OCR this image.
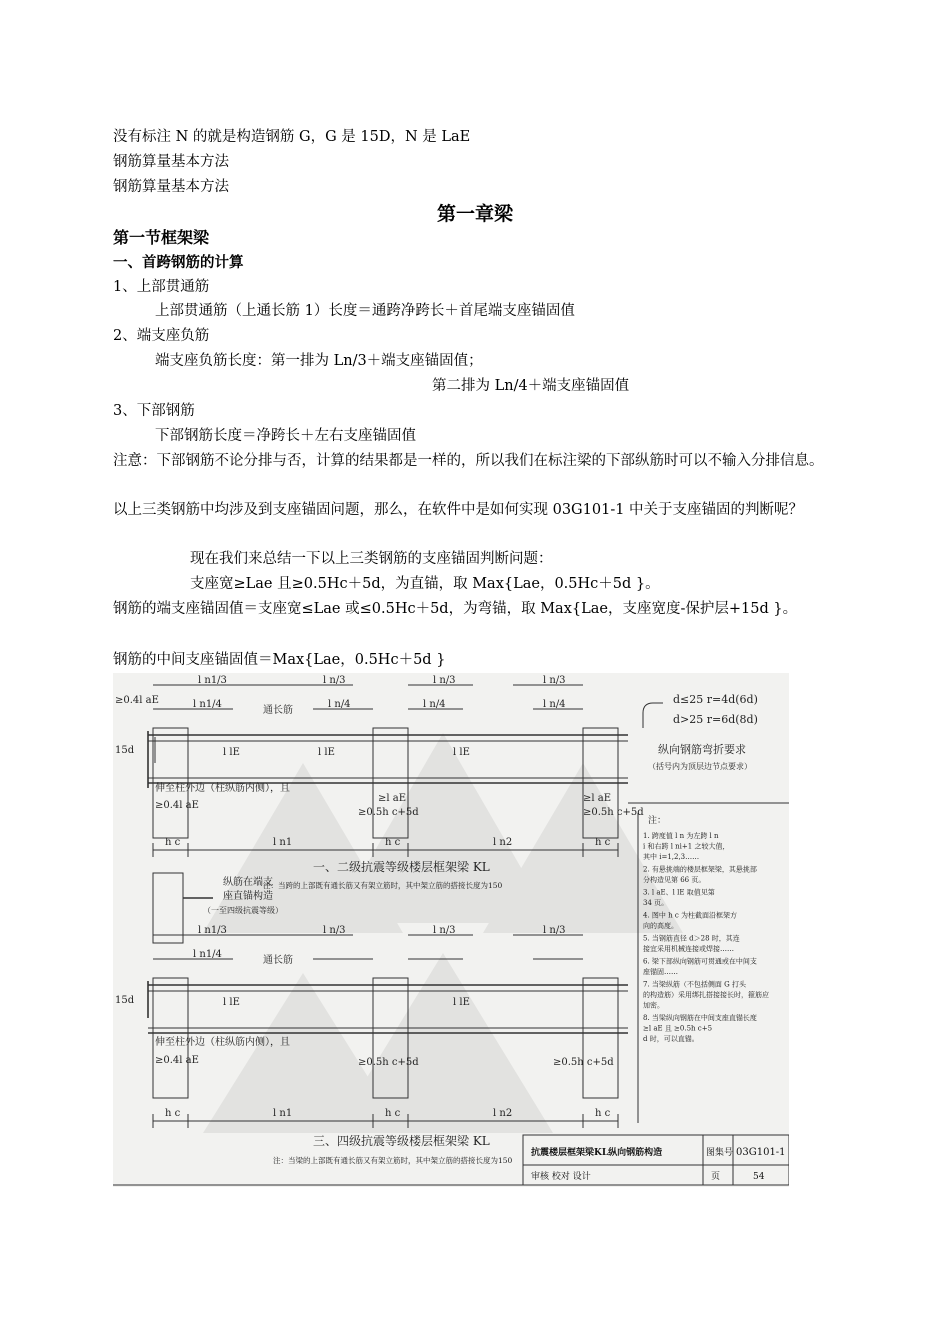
没有标注 N 的就是构造钢筋 G，G 是 15D，N 是 LaE
钢筋算量基本方法
钢筋算量基本方法
第一章梁
第一节框架梁
一、首跨钢筋的计算
1、上部贯通筋
上部贯通筋（上通长筋 1）长度＝通跨净跨长＋首尾端支座锚固值
2、端支座负筋
端支座负筋长度：第一排为 Ln/3＋端支座锚固值；
第二排为 Ln/4＋端支座锚固值
3、下部钢筋
下部钢筋长度＝净跨长＋左右支座锚固值
注意：下部钢筋不论分排与否，计算的结果都是一样的，所以我们在标注梁的下部纵筋时可以不输入分排信息。
以上三类钢筋中均涉及到支座锚固问题，那么，在软件中是如何实现 03G101-1 中关于支座锚固的判断呢？
现在我们来总结一下以上三类钢筋的支座锚固判断问题：
支座宽≥Lae 且≥0.5Hc＋5d，为直锚，取 Max{Lae，0.5Hc＋5d }。
钢筋的端支座锚固值＝支座宽≤Lae 或≤0.5Hc＋5d，为弯锚，取 Max{Lae，支座宽度-保护层+15d }。
钢筋的中间支座锚固值＝Max{Lae，0.5Hc＋5d }
通长筋
l n1/3
l n1/4
l n/3
l n/4
l n/3
l n/4
l n/3
l n/4
≥0.4l aE
15d	l lE	l lE	l lE
伸至柱外边（柱纵筋内侧），且
≥0.4l aE
≥l aE
≥0.5h c+5d
≥l aE
≥0.5h c+5d
h c	l n1	h c	l n2	h c
一、二级抗震等级楼层框架梁 KL
注：当跨的上部既有通长筋又有架立筋时，其中架立筋的搭接长度为150
纵筋在端支
座直锚构造
（一至四级抗震等级）
通长筋
l n1/3
l n1/4
l n/3	l n/3	l n/3
15d	l lE	l lE
伸至柱外边（柱纵筋内侧），且
≥0.4l aE	≥0.5h c+5d	≥0.5h c+5d
h c	l n1	h c	l n2	h c
三、四级抗震等级楼层框架梁 KL
注：当梁的上部既有通长筋又有架立筋时，其中架立筋的搭接长度为150
d≤25 r=4d(6d)
d>25 r=6d(8d)
纵向钢筋弯折要求
（括号内为顶层边节点要求）
注：
1. 跨度值 l n 为左跨 l n
i 和右跨 l ni+1 之较大值，
其中 i=1,2,3……
2. 有悬挑端的楼层框架梁，其悬挑部
分构造见第 66 页。
3. l aE、l lE 取值见第
34 页。
4. 图中 h c 为柱截面沿框架方
向的高度。
5. 当钢筋直径 d＞28 时，其连
接宜采用机械连接或焊接……
6. 梁下部纵向钢筋可贯通或在中间支
座锚固……
7. 当梁纵筋（不包括侧面 G 打头
的构造筋）采用绑扎搭接接长时，箍筋应
加密。
8. 当梁纵向钢筋在中间支座直锚长度
≥l aE 且 ≥0.5h c+5
d 时，可以直锚。
抗震楼层框架梁KL纵向钢筋构造	图集号 03G101-1
审核 校对 设计	页	54
